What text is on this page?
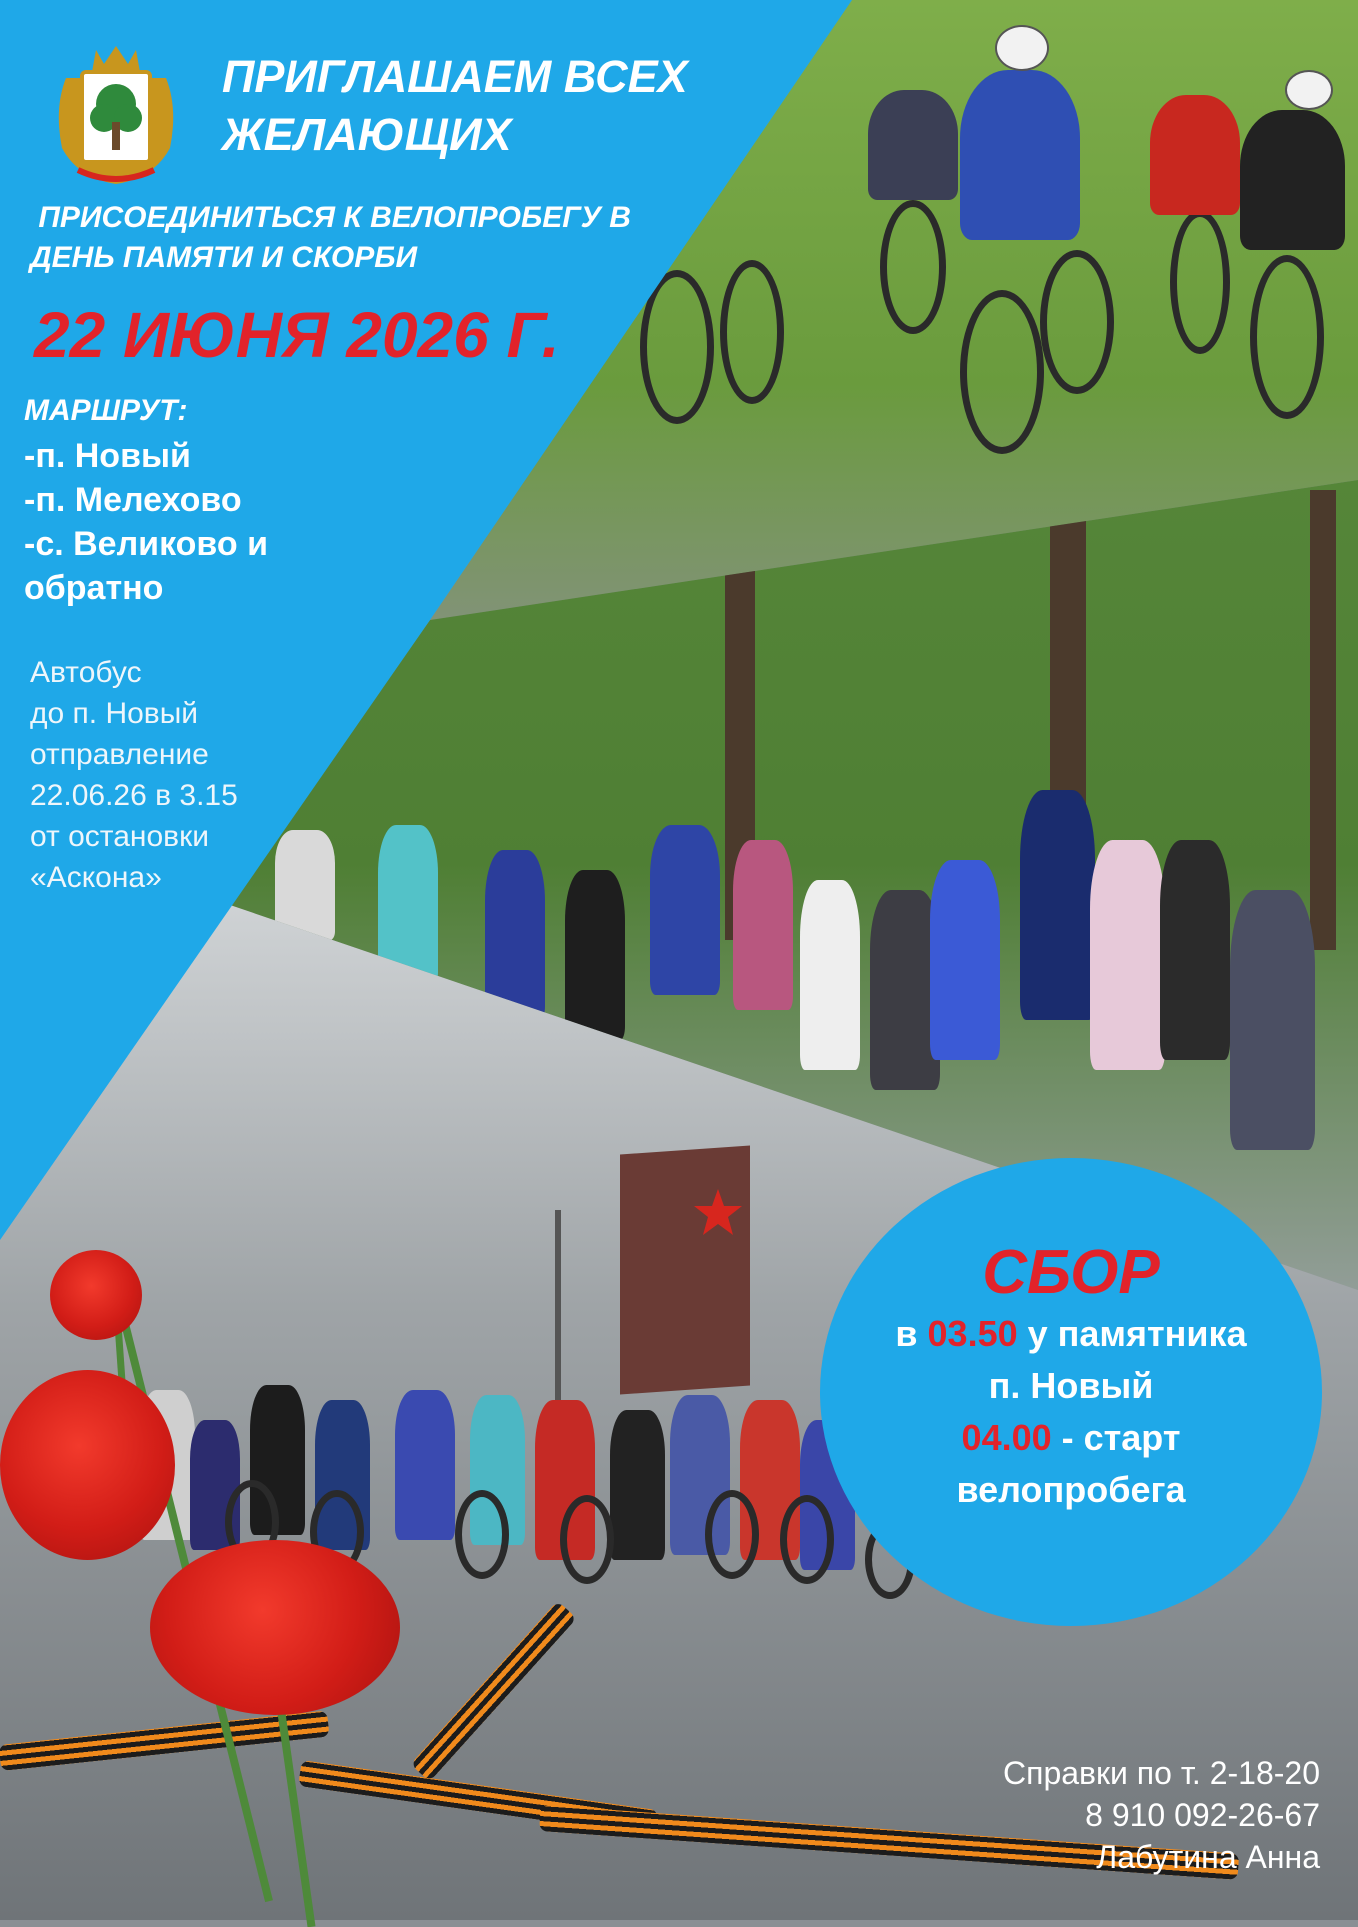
ПРИГЛАШАЕМ ВСЕХ
ЖЕЛАЮЩИХ
ПРИСОЕДИНИТЬСЯ К ВЕЛОПРОБЕГУ В
ДЕНЬ ПАМЯТИ И СКОРБИ
22 ИЮНЯ 2026 Г.
МАРШРУТ:
-п. Новый
-п. Мелехово
-с. Великово и
обратно
Автобус
до п. Новый
отправление
22.06.26 в 3.15
от остановки
«Аскона»
СБОР
в 03.50 у памятника
п. Новый
04.00 - старт
велопробега
Справки по т. 2-18-20
8 910 092-26-67
Лабутина Анна
